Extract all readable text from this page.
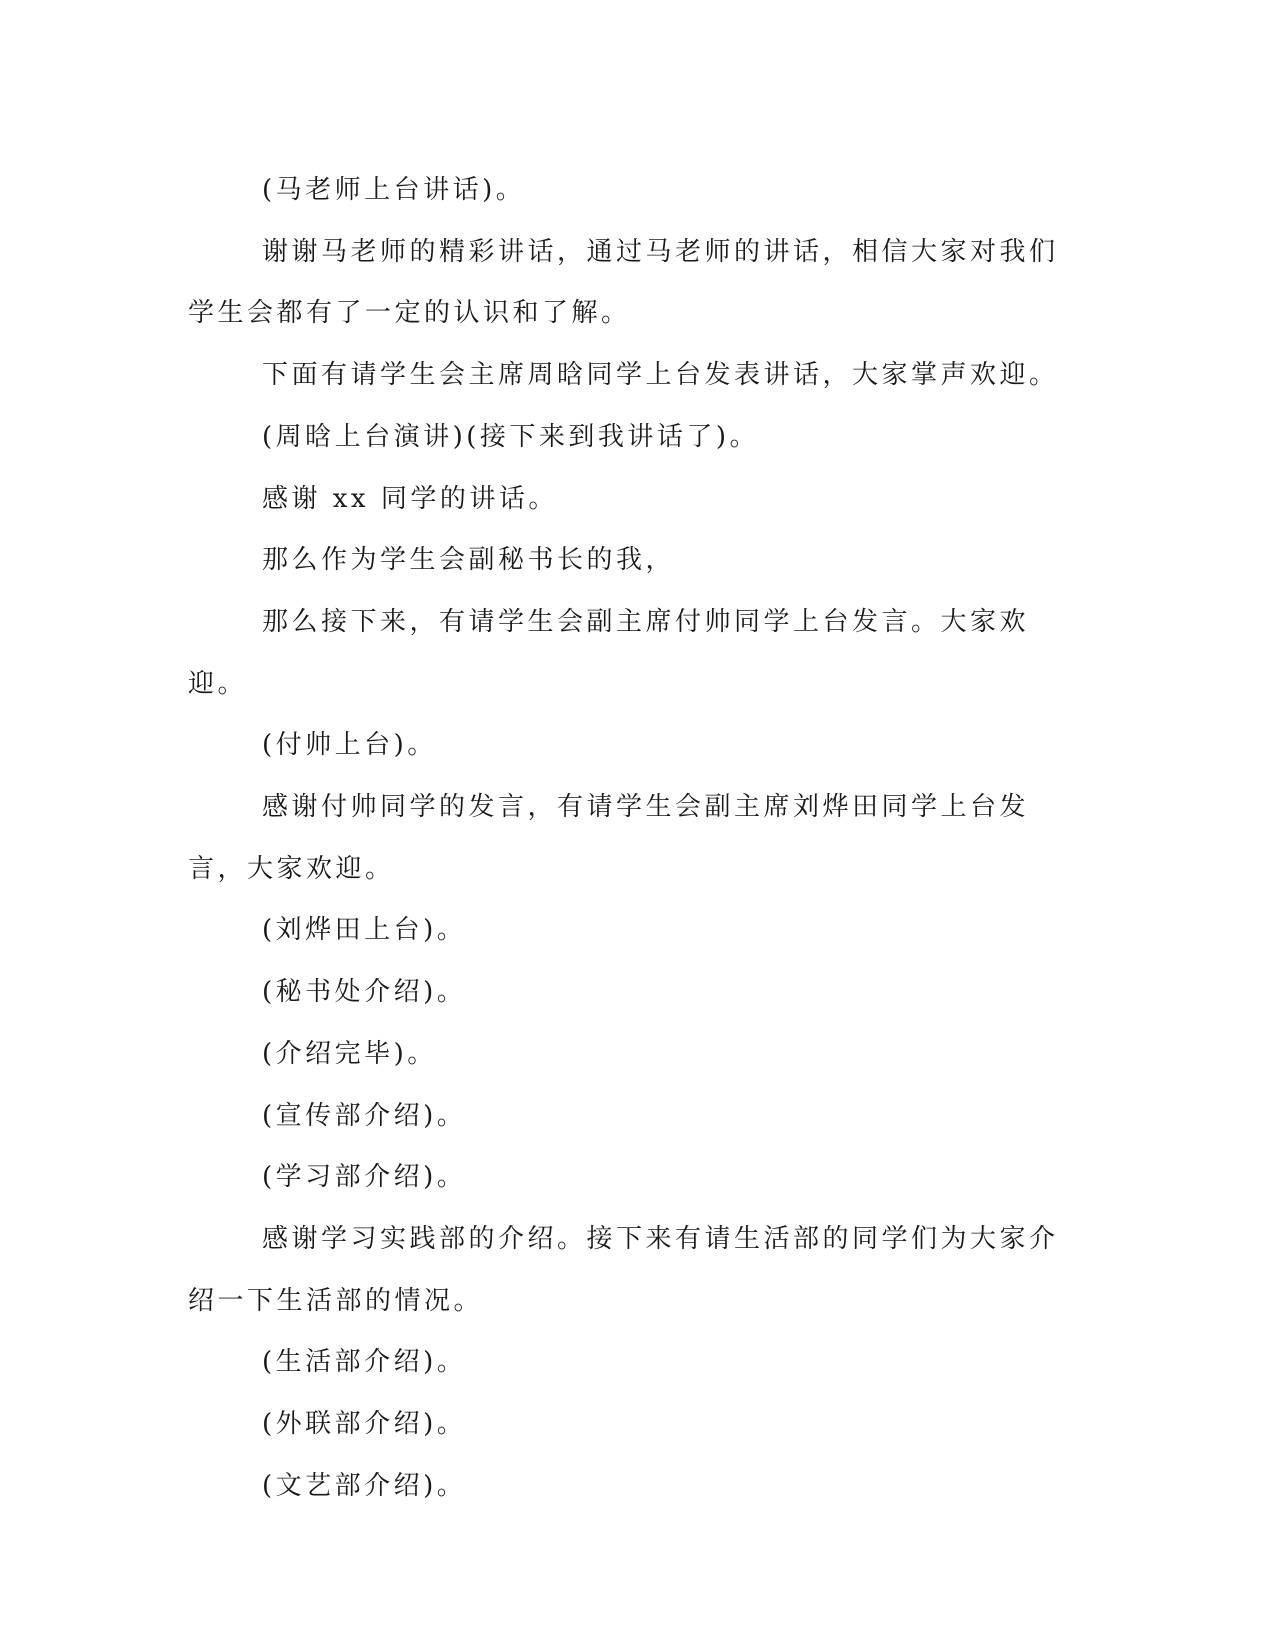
(马老师上台讲话)。

谢谢马老师的精彩讲话，通过马老师的讲话，相信大家对我们学生会都有了一定的认识和了解。

下面有请学生会主席周晗同学上台发表讲话，大家掌声欢迎。

(周晗上台演讲)(接下来到我讲话了)。

感谢 xx 同学的讲话。

那么作为学生会副秘书长的我，

那么接下来，有请学生会副主席付帅同学上台发言。大家欢迎。

(付帅上台)。

感谢付帅同学的发言，有请学生会副主席刘烨田同学上台发言，大家欢迎。

(刘烨田上台)。

(秘书处介绍)。

(介绍完毕)。

(宣传部介绍)。

(学习部介绍)。

感谢学习实践部的介绍。接下来有请生活部的同学们为大家介绍一下生活部的情况。

(生活部介绍)。

(外联部介绍)。

(文艺部介绍)。
